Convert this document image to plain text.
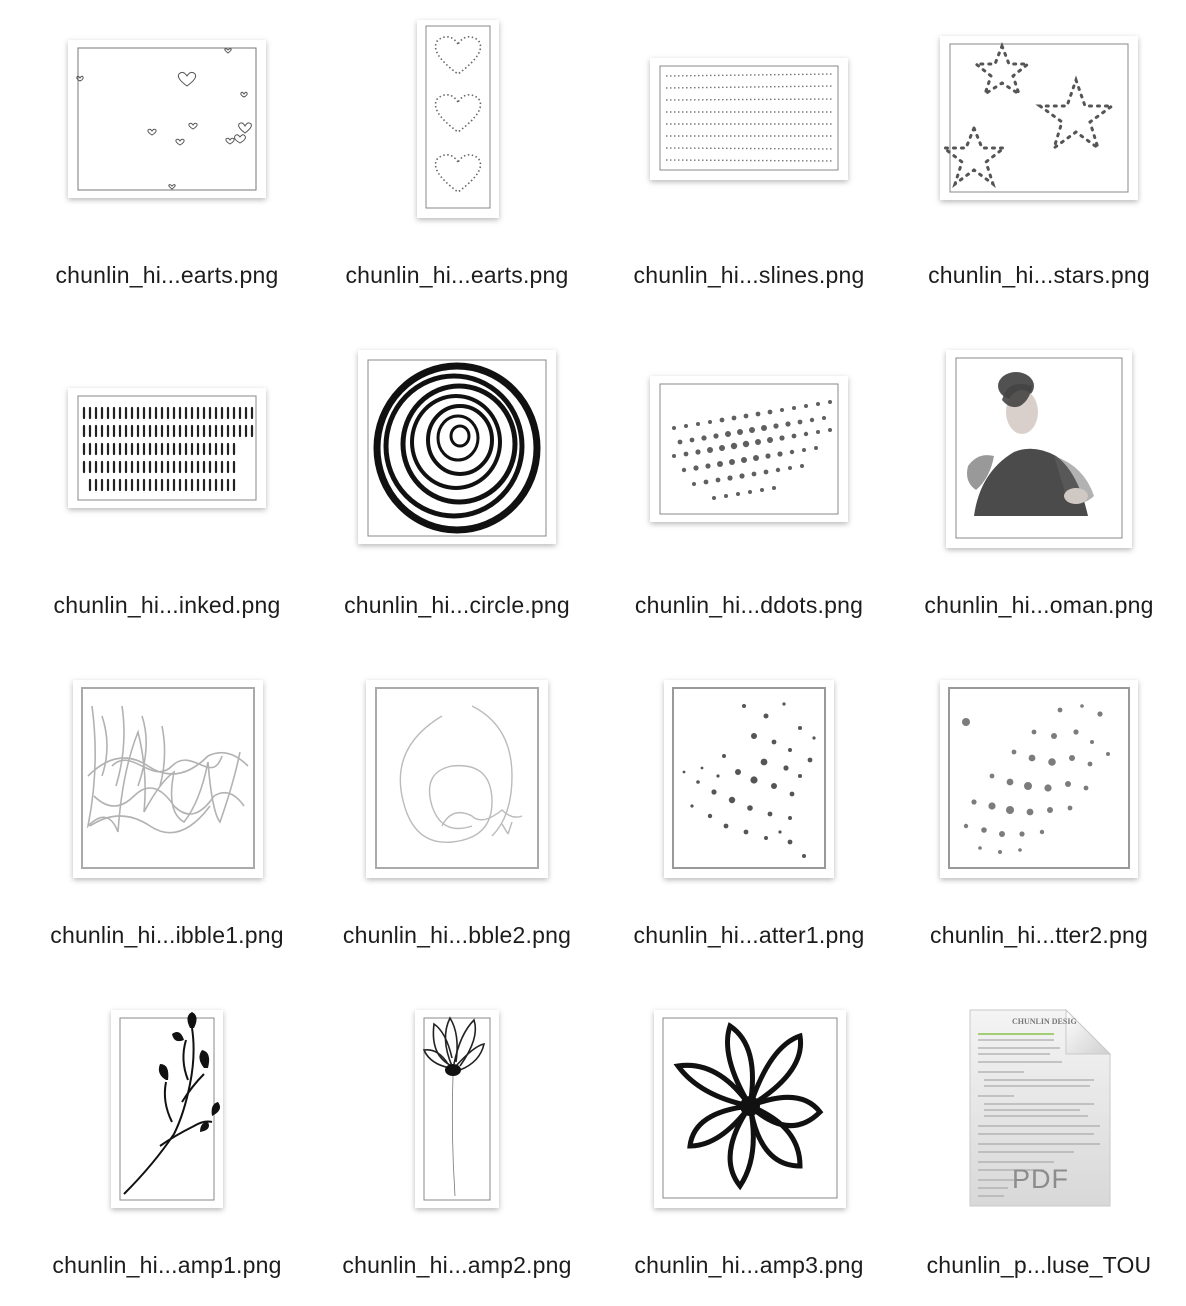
chunlin_hi...earts.png	chunlin_hi...earts.png	chunlin_hi...slines.png	chunlin_hi...stars.png
chunlin_hi...inked.png	chunlin_hi...circle.png	chunlin_hi...ddots.png	chunlin_hi...oman.png
chunlin_hi...ibble1.png	chunlin_hi...bble2.png	chunlin_hi...atter1.png	chunlin_hi...tter2.png
chunlin_hi...amp1.png	chunlin_hi...amp2.png	chunlin_hi...amp3.png
CHUNLIN DESIG
PDF
chunlin_p...luse_TOU
